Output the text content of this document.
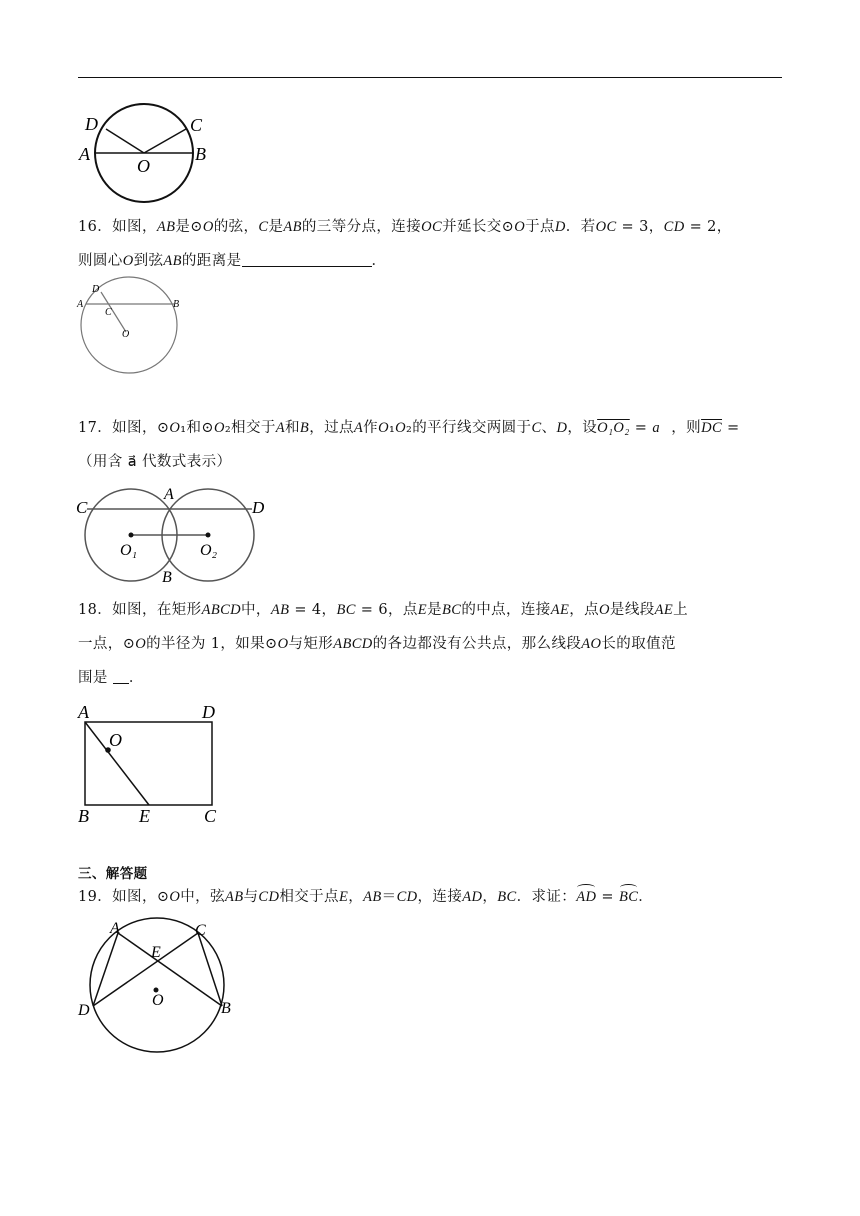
D	C
A
O
B
16．如图，AB是⊙O的弦，C是AB的三等分点，连接OC并延长交⊙O于点D．若OC = 3，CD = 2，
则圆心O到弦AB的距离是	．
D
A
C
B
O
17．如图，⊙O₁和⊙O₂相交于A和B，过点A作O₁O₂的平行线交两圆于C、D，设O₁O₂ = a⃗，则$\overline{DC}$ =
（用含 a⃗ 代数式表示）
C
A
D
O₁	O₂
B
18．如图，在矩形ABCD中，AB = 4，BC = 6，点E是BC的中点，连接AE，点O是线段AE上
一点，⊙O的半径为 1，如果⊙O与矩形ABCD的各边都没有公共点，那么线段AO长的取值范
围是 ．
A	D
O
B	E	C
三、解答题
19．如图，⊙O中，弦AB与CD相交于点E，AB＝CD，连接AD，BC．求证：AD = BC．
A	C
E
D
O	B
